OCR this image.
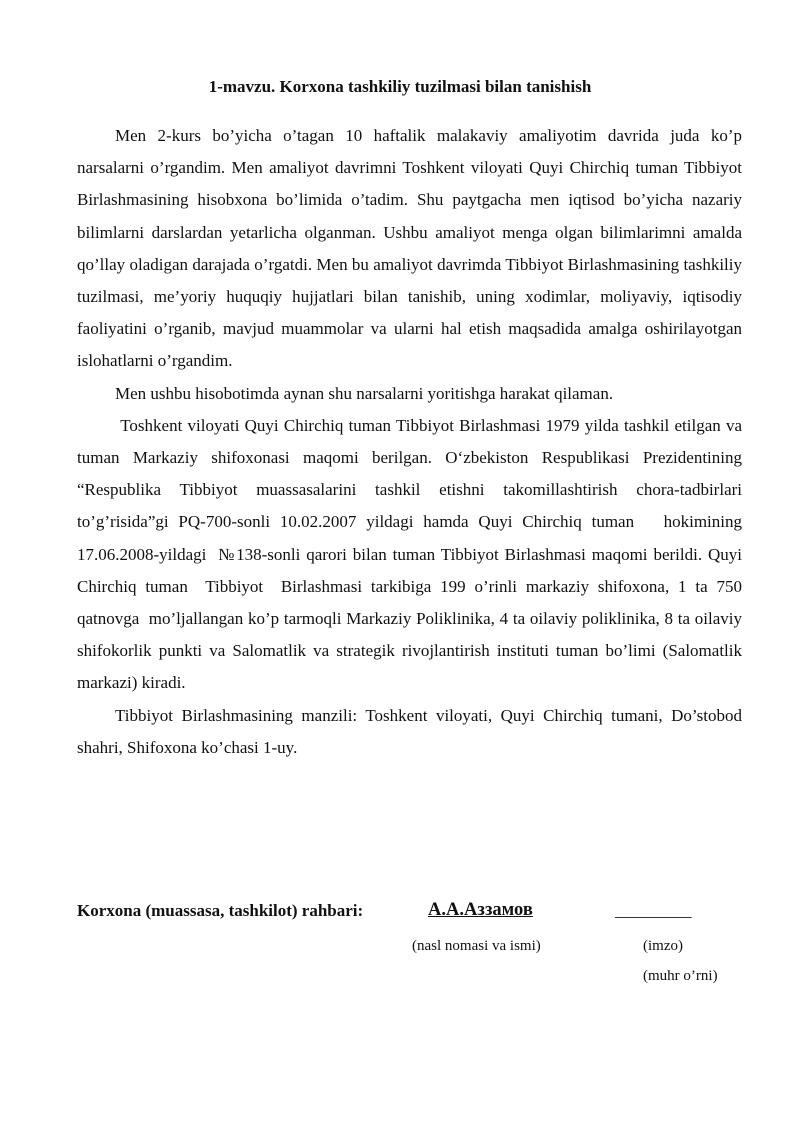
1-mavzu. Korxona tashkiliy tuzilmasi bilan tanishish

Men 2-kurs bo’yicha o’tagan 10 haftalik malakaviy amaliyotim davrida juda ko’p narsalarni o’rgandim. Men amaliyot davrimni Toshkent viloyati Quyi Chirchiq tuman Tibbiyot Birlashmasining hisobxona bo’limida o’tadim. Shu paytgacha men iqtisod bo’yicha nazariy bilimlarni darslardan yetarlicha olganman. Ushbu amaliyot menga olgan bilimlarimni amalda qo’llay oladigan darajada o’rgatdi. Men bu amaliyot davrimda Tibbiyot Birlashmasining tashkiliy tuzilmasi, me’yoriy huquqiy hujjatlari bilan tanishib, uning xodimlar, moliyaviy, iqtisodiy faoliyatini o’rganib, mavjud muammolar va ularni hal etish maqsadida amalga oshirilayotgan islohatlarni o’rgandim.

Men ushbu hisobotimda aynan shu narsalarni yoritishga harakat qilaman.

Toshkent viloyati Quyi Chirchiq tuman Tibbiyot Birlashmasi 1979 yilda tashkil etilgan va tuman Markaziy shifoxonasi maqomi berilgan. O‘zbekiston Respublikasi Prezidentining “Respublika Tibbiyot muassasalarini tashkil etishni takomillashtirish chora-tadbirlari to’g’risida”gi PQ-700-sonli 10.02.2007 yildagi hamda Quyi Chirchiq tuman   hokimining 17.06.2008-yildagi  №138-sonli qarori bilan tuman Tibbiyot Birlashmasi maqomi berildi. Quyi Chirchiq tuman  Tibbiyot  Birlashmasi tarkibiga 199 o’rinli markaziy shifoxona, 1 ta 750 qatnovga  mo’ljallangan ko’p tarmoqli Markaziy Poliklinika, 4 ta oilaviy poliklinika, 8 ta oilaviy shifokorlik punkti va Salomatlik va strategik rivojlantirish instituti tuman bo’limi (Salomatlik markazi) kiradi.

Tibbiyot Birlashmasining manzili: Toshkent viloyati, Quyi Chirchiq tumani, Do’stobod shahri, Shifoxona ko’chasi 1-uy.

Korxona (muassasa, tashkilot) rahbari:	А.А.Аззамов	_________
(nasl nomasi va ismi)	(imzo)
(muhr o’rni)
